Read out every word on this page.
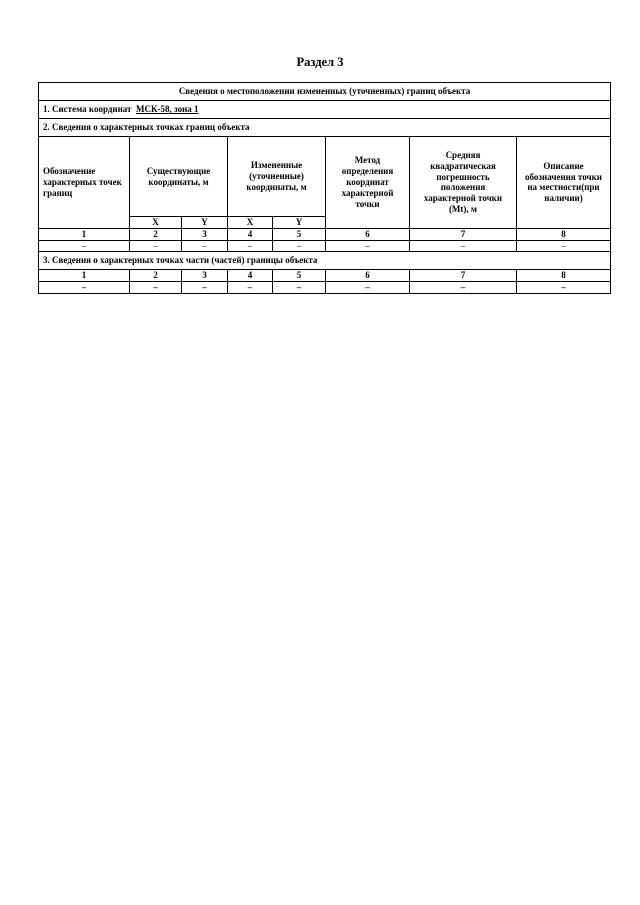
Раздел 3
Сведения о местоположении измененных (уточненных) границ объекта							
1. Система координат МСК-58, зона 1							
2. Сведения о характерных точках границ объекта							
Обозначение характерных точек границ	Существующие координаты, м		Измененные (уточненные) координаты, м		Метод определения координат характерной точки	Средняя квадратическая погрешность положения характерной точки (Mt), м	Описание обозначения точки на местности(при наличии)
	X	Y	X	Y			
1	2	3	4	5	6	7	8
–	–	–	–	–	–	–	–
3. Сведения о характерных точках части (частей) границы объекта							
1	2	3	4	5	6	7	8
–	–	–	–	–	–	–	–
